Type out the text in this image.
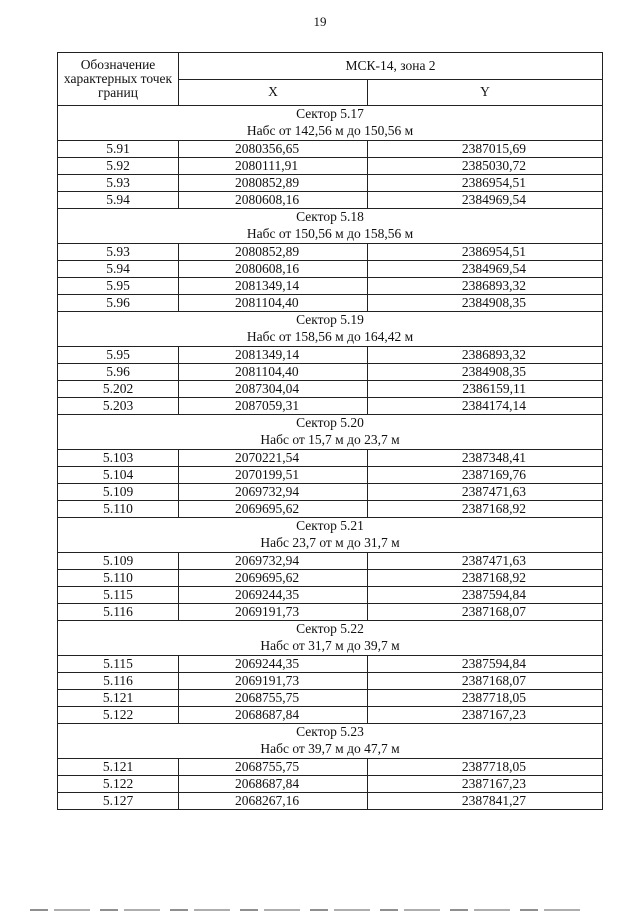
19
Обозначение характерных точек границ	МСК-14, зона 2	
	X	Y

Сектор 5.17
Набс от 142,56 м до 150,56 м		

5.91	2080356,65	2387015,69
5.92	2080111,91	2385030,72
5.93	2080852,89	2386954,51
5.94	2080608,16	2384969,54

Сектор 5.18
Набс от 150,56 м до 158,56 м		

5.93	2080852,89	2386954,51
5.94	2080608,16	2384969,54
5.95	2081349,14	2386893,32
5.96	2081104,40	2384908,35

Сектор 5.19
Набс от 158,56 м до 164,42 м		

5.95	2081349,14	2386893,32
5.96	2081104,40	2384908,35
5.202	2087304,04	2386159,11
5.203	2087059,31	2384174,14

Сектор 5.20
Набс от 15,7 м до 23,7 м		

5.103	2070221,54	2387348,41
5.104	2070199,51	2387169,76
5.109	2069732,94	2387471,63
5.110	2069695,62	2387168,92

Сектор 5.21
Набс 23,7 от м до 31,7 м		

5.109	2069732,94	2387471,63
5.110	2069695,62	2387168,92
5.115	2069244,35	2387594,84
5.116	2069191,73	2387168,07

Сектор 5.22
Набс от 31,7 м до 39,7 м		

5.115	2069244,35	2387594,84
5.116	2069191,73	2387168,07
5.121	2068755,75	2387718,05
5.122	2068687,84	2387167,23

Сектор 5.23
Набс от 39,7 м до 47,7 м		

5.121	2068755,75	2387718,05
5.122	2068687,84	2387167,23
5.127	2068267,16	2387841,27
